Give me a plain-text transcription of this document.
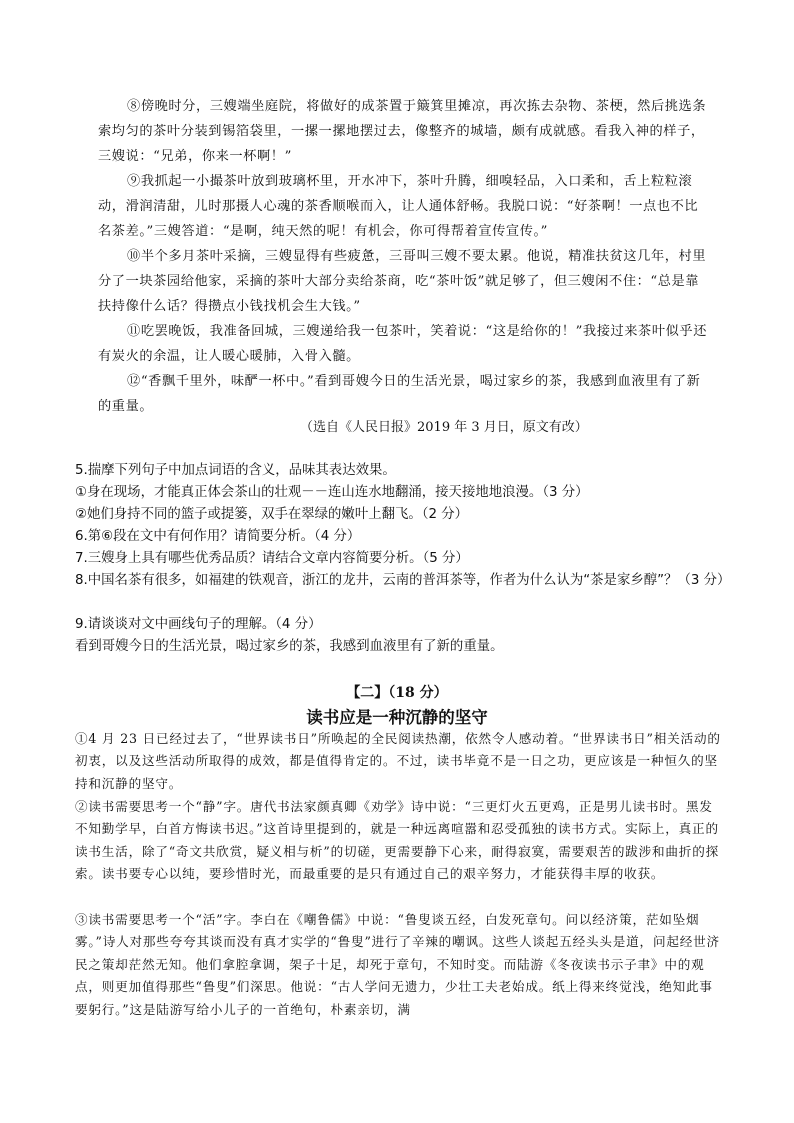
⑧傍晚时分，三嫂端坐庭院，将做好的成茶置于簸箕里摊凉，再次拣去杂物、茶梗，然后挑选条索均匀的茶叶分装到锡箔袋里，一摞一摞地摆过去，像整齐的城墙，颇有成就感。看我入神的样子，三嫂说：“兄弟，你来一杯啊！”

⑨我抓起一小撮茶叶放到玻璃杯里，开水冲下，茶叶升腾，细嗅轻品，入口柔和，舌上粒粒滚动，滑润清甜，儿时那摄人心魂的茶香顺喉而入，让人通体舒畅。我脱口说：“好茶啊！一点也不比名茶差。”三嫂答道：“是啊，纯天然的呢！有机会，你可得帮着宣传宣传。”

⑩半个多月茶叶采摘，三嫂显得有些疲惫，三哥叫三嫂不要太累。他说，精准扶贫这几年，村里分了一块茶园给他家，采摘的茶叶大部分卖给茶商，吃“茶叶饭”就足够了，但三嫂闲不住：“总是靠扶持像什么话？得攒点小钱找机会生大钱。”

⑪吃罢晚饭，我准备回城，三嫂递给我一包茶叶，笑着说：“这是给你的！”我接过来茶叶似乎还有炭火的余温，让人暖心暖肺，入骨入髓。

⑫“香飘千里外，味酽一杯中。”看到哥嫂今日的生活光景，喝过家乡的茶，我感到血液里有了新的重量。

（选自《人民日报》2019 年 3 月日，原文有改）
5.揣摩下列句子中加点词语的含义，品味其表达效果。
①身在现场，才能真正体会茶山的壮观－－连山连水地翻涌，接天接地地浪漫。（3 分）
②她们身持不同的篮子或提篓，双手在翠绿的嫩叶上翻飞。（2 分）
6.第⑥段在文中有何作用？请简要分析。（4 分）
7.三嫂身上具有哪些优秀品质？请结合文章内容简要分析。（5 分）
8.中国名茶有很多，如福建的铁观音，浙江的龙井，云南的普洱茶等，作者为什么认为“茶是家乡醇”？（3 分）
9.请谈谈对文中画线句子的理解。（4 分）
看到哥嫂今日的生活光景，喝过家乡的茶，我感到血液里有了新的重量。
【二】（18 分）
读书应是一种沉静的坚守

①4 月 23 日已经过去了，“世界读书日”所唤起的全民阅读热潮，依然令人感动着。“世界读书日”相关活动的初衷，以及这些活动所取得的成效，都是值得肯定的。不过，读书毕竟不是一日之功，更应该是一种恒久的坚持和沉静的坚守。

②读书需要思考一个“静”字。唐代书法家颜真卿《劝学》诗中说：“三更灯火五更鸡，正是男儿读书时。黑发不知勤学早，白首方悔读书迟。”这首诗里提到的，就是一种远离喧嚣和忍受孤独的读书方式。实际上，真正的读书生活，除了“奇文共欣赏，疑义相与析”的切磋，更需要静下心来，耐得寂寞，需要艰苦的跋涉和曲折的探索。读书要专心以纯，要珍惜时光，而最重要的是只有通过自己的艰辛努力，才能获得丰厚的收获。

③读书需要思考一个“活”字。李白在《嘲鲁儒》中说：“鲁叟谈五经，白发死章句。问以经济策，茫如坠烟雾。”诗人对那些夸夸其谈而没有真才实学的“鲁叟”进行了辛辣的嘲讽。这些人谈起五经头头是道，问起经世济民之策却茫然无知。他们拿腔拿调，架子十足，却死于章句，不知时变。而陆游《冬夜读书示子聿》中的观点，则更加值得那些“鲁叟”们深思。他说：“古人学问无遗力，少壮工夫老始成。纸上得来终觉浅，绝知此事要躬行。”这是陆游写给小儿子的一首绝句，朴素亲切，满
